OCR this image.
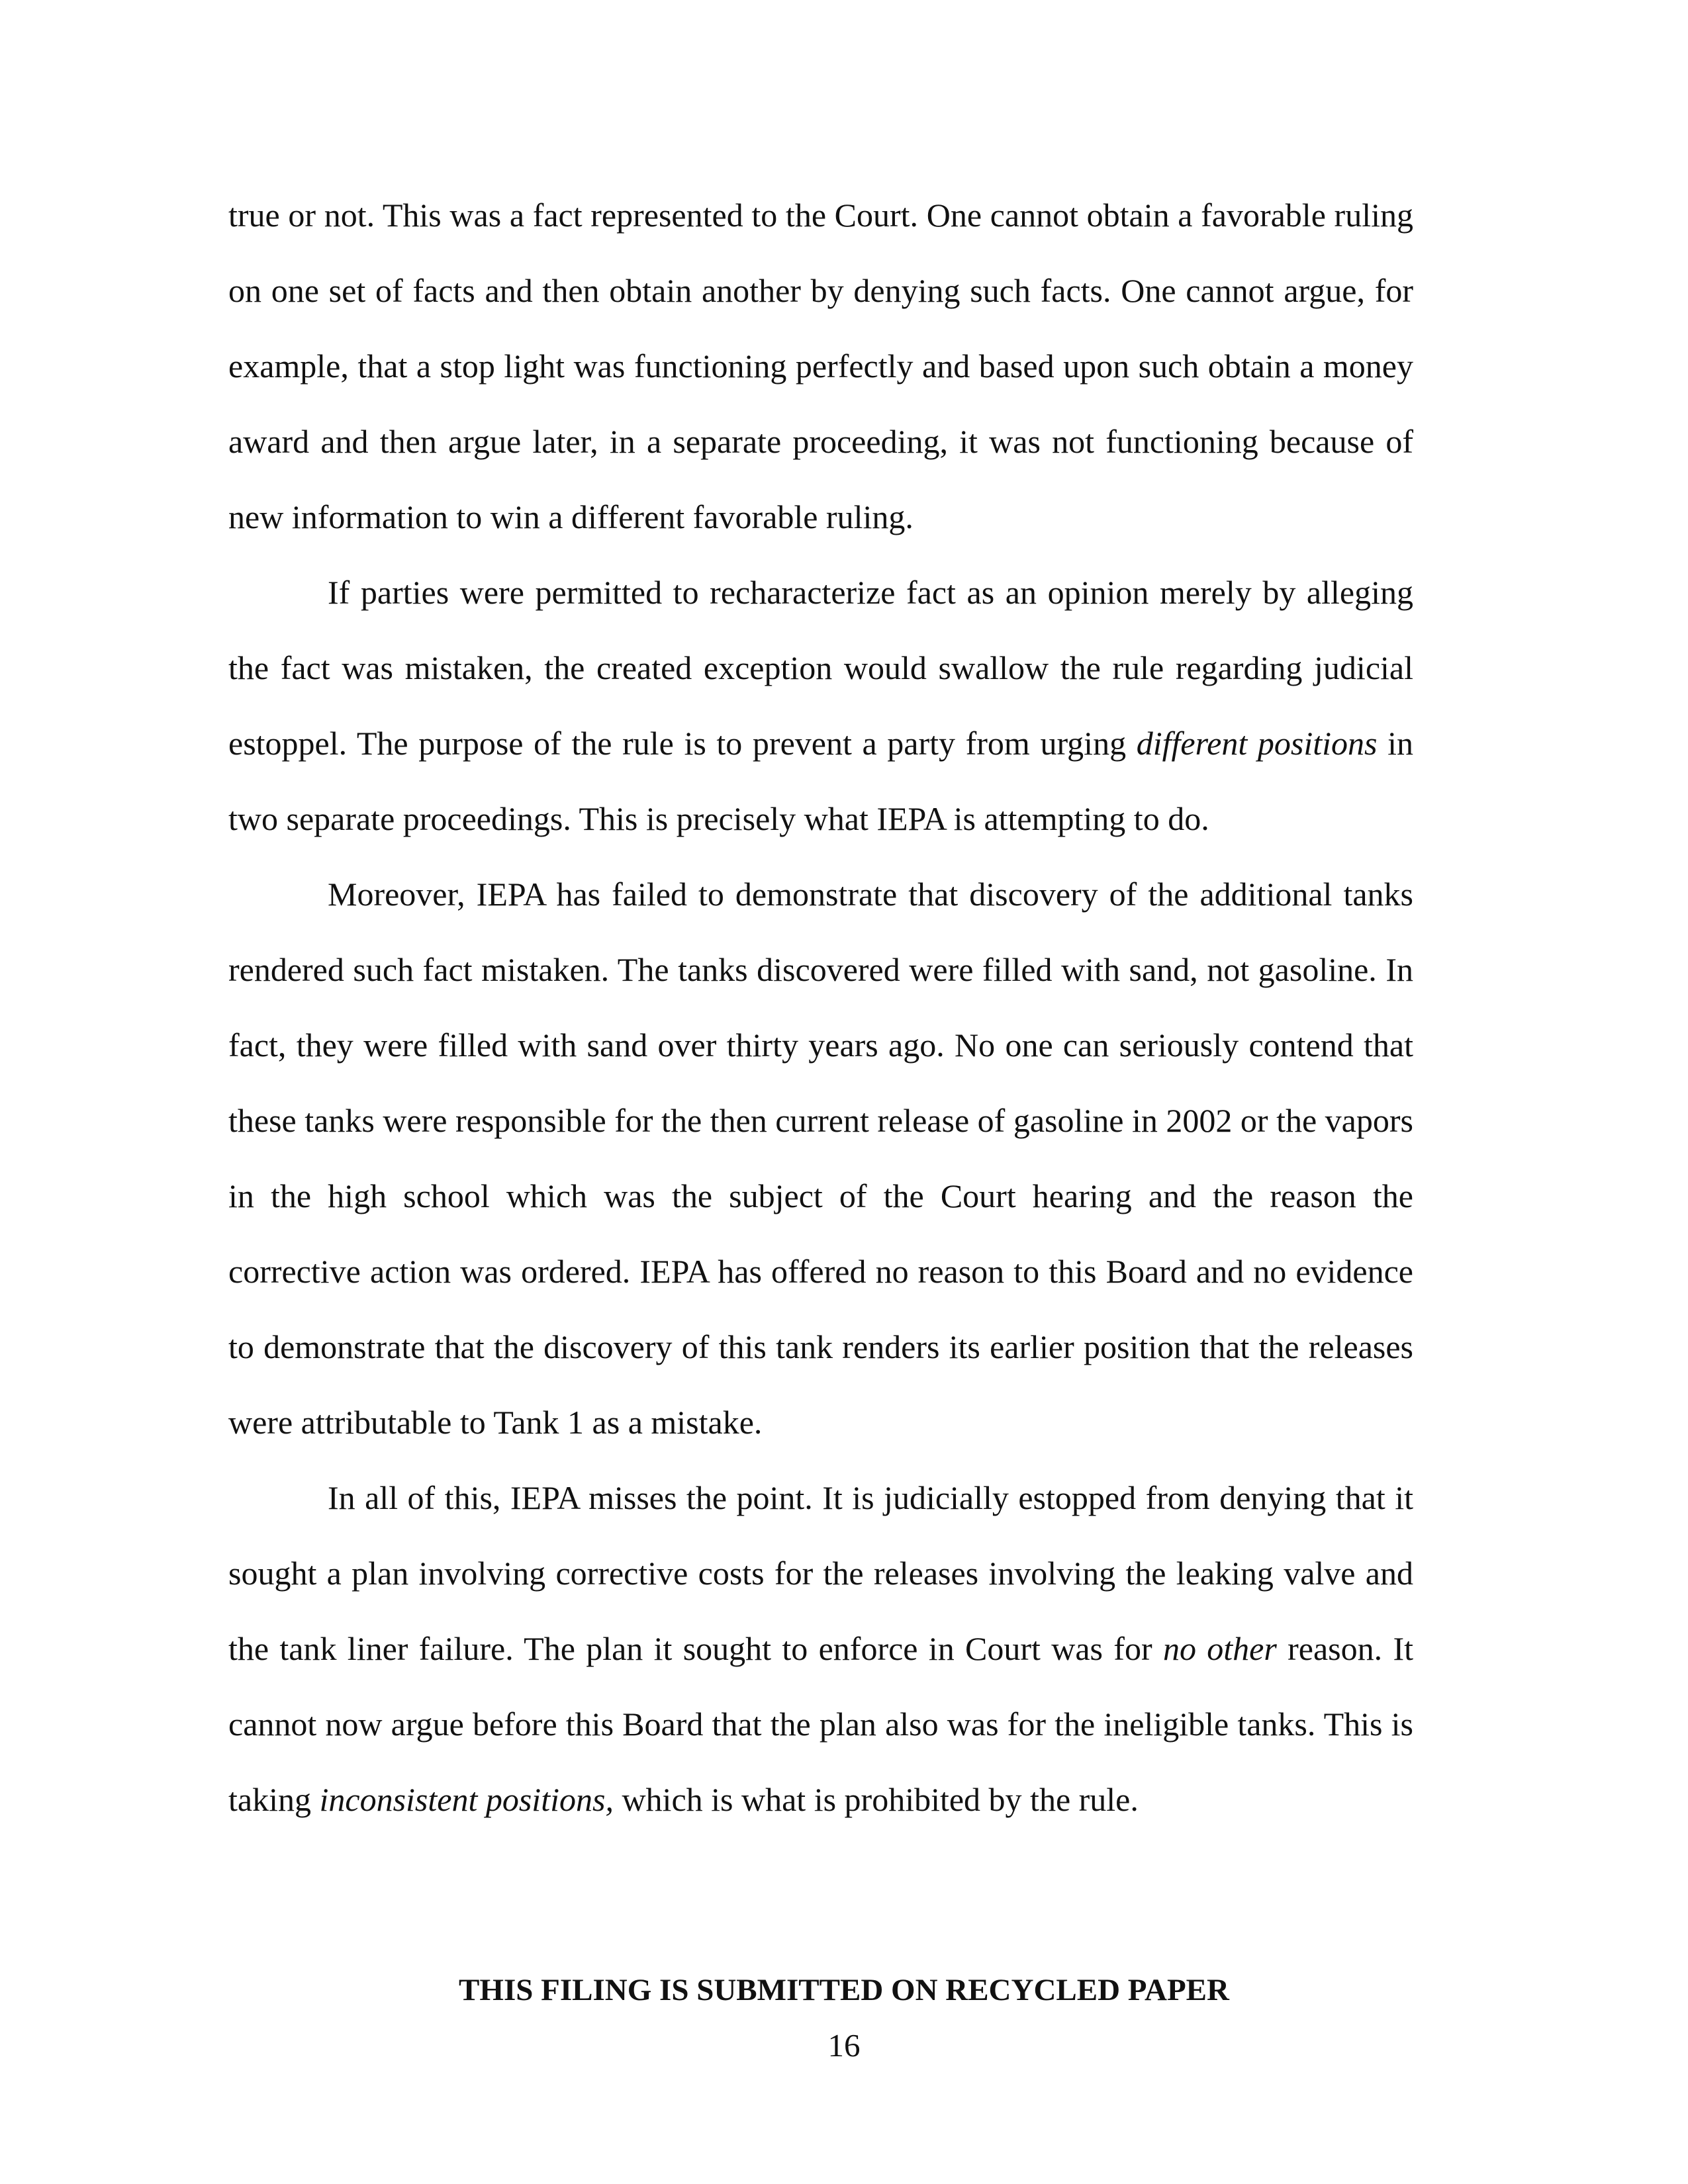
true or not. This was a fact represented to the Court. One cannot obtain a favorable ruling on one set of facts and then obtain another by denying such facts. One cannot argue, for example, that a stop light was functioning perfectly and based upon such obtain a money award and then argue later, in a separate proceeding, it was not functioning because of new information to win a different favorable ruling.

If parties were permitted to recharacterize fact as an opinion merely by alleging the fact was mistaken, the created exception would swallow the rule regarding judicial estoppel. The purpose of the rule is to prevent a party from urging different positions in two separate proceedings. This is precisely what IEPA is attempting to do.

Moreover, IEPA has failed to demonstrate that discovery of the additional tanks rendered such fact mistaken. The tanks discovered were filled with sand, not gasoline. In fact, they were filled with sand over thirty years ago. No one can seriously contend that these tanks were responsible for the then current release of gasoline in 2002 or the vapors in the high school which was the subject of the Court hearing and the reason the corrective action was ordered. IEPA has offered no reason to this Board and no evidence to demonstrate that the discovery of this tank renders its earlier position that the releases were attributable to Tank 1 as a mistake.

In all of this, IEPA misses the point. It is judicially estopped from denying that it sought a plan involving corrective costs for the releases involving the leaking valve and the tank liner failure. The plan it sought to enforce in Court was for no other reason. It cannot now argue before this Board that the plan also was for the ineligible tanks. This is taking inconsistent positions, which is what is prohibited by the rule.

THIS FILING IS SUBMITTED ON RECYCLED PAPER
16
